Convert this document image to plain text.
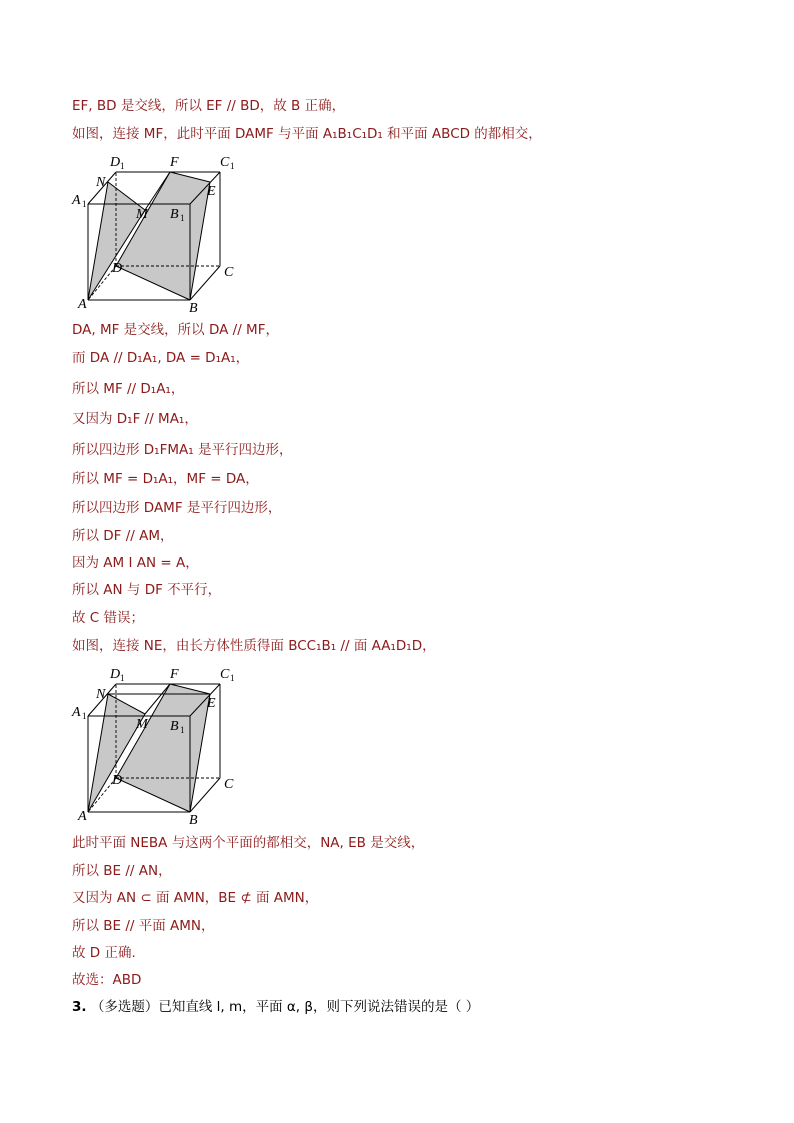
EF, BD 是交线，所以 EF // BD，故 B 正确，
如图，连接 MF，此时平面 DAMF 与平面 A₁B₁C₁D₁ 和平面 ABCD 的都相交，
DA, MF 是交线，所以 DA // MF，
而 DA // D₁A₁, DA = D₁A₁，
所以 MF // D₁A₁，
又因为 D₁F // MA₁，
所以四边形 D₁FMA₁ 是平行四边形，
所以 MF = D₁A₁，MF = DA，
所以四边形 DAMF 是平行四边形，
所以 DF // AM，
因为 AM I AN = A，
所以 AN 与 DF 不平行，
故 C 错误；
如图，连接 NE，由长方体性质得面 BCC₁B₁ // 面 AA₁D₁D，
此时平面 NEBA 与这两个平面的都相交，NA, EB 是交线，
所以 BE // AN，
又因为 AN ⊂ 面 AMN，BE ⊄ 面 AMN，
所以 BE // 平面 AMN，
故 D 正确.
故选：ABD
D 1	F	C 1
N
E
A 1
M B 1
D	C
A	B
D 1	F	C 1
N
E
A 1
M B 1
D	C
A	B
3. （多选题）已知直线 l, m，平面 α, β，则下列说法错误的是（ ）
